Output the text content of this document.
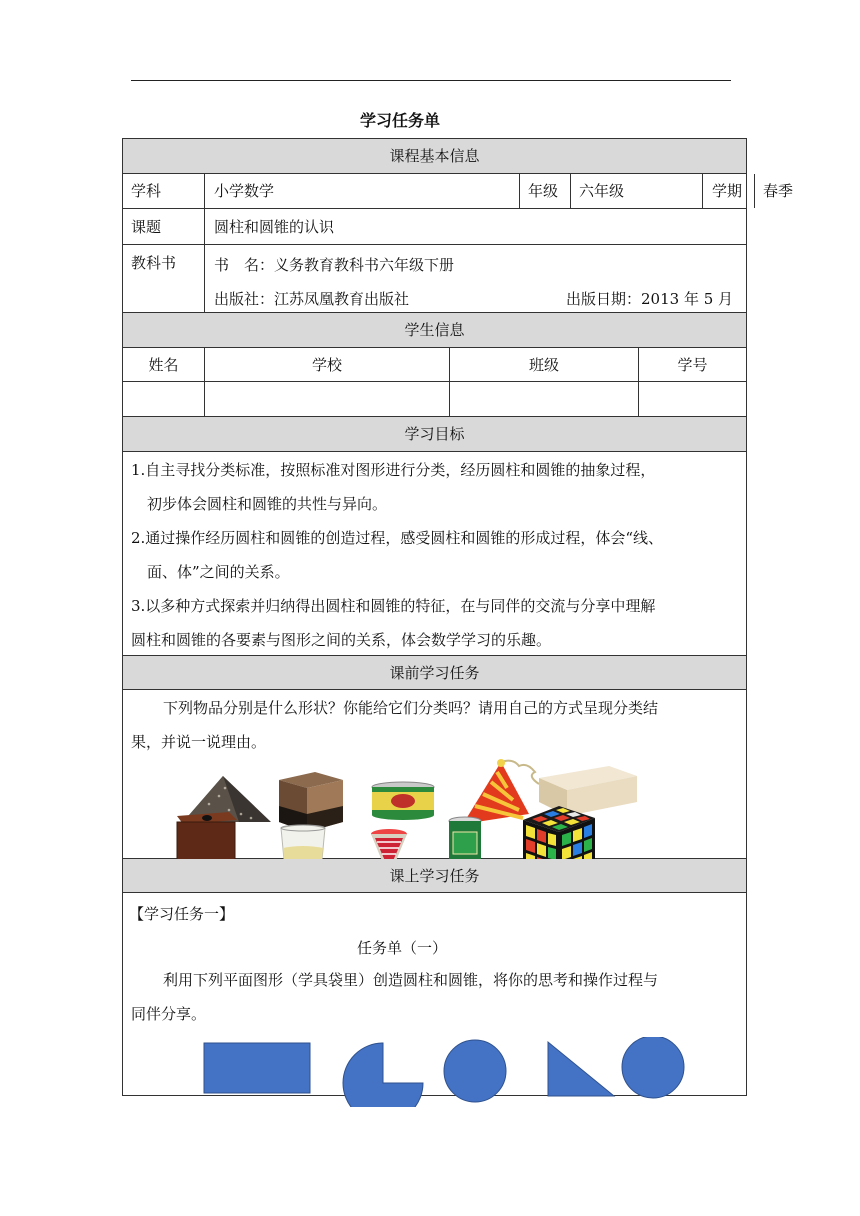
学习任务单
课程基本信息
学科	小学数学	年级	六年级	学期	春季
课题	圆柱和圆锥的认识
教科书	书　名：义务教育教科书六年级下册
出版社：江苏凤凰教育出版社	出版日期：2013 年 5 月
学生信息
姓名	学校	班级	学号
学习目标
1.自主寻找分类标准，按照标准对图形进行分类，经历圆柱和圆锥的抽象过程，
初步体会圆柱和圆锥的共性与异向。
2.通过操作经历圆柱和圆锥的创造过程，感受圆柱和圆锥的形成过程，体会“线、
面、体”之间的关系。
3.以多种方式探索并归纳得出圆柱和圆锥的特征，在与同伴的交流与分享中理解
圆柱和圆锥的各要素与图形之间的关系，体会数学学习的乐趣。
课前学习任务
下列物品分别是什么形状？你能给它们分类吗？请用自己的方式呈现分类结
果，并说一说理由。
课上学习任务
【学习任务一】
任务单（一）
利用下列平面图形（学具袋里）创造圆柱和圆锥，将你的思考和操作过程与
同伴分享。
